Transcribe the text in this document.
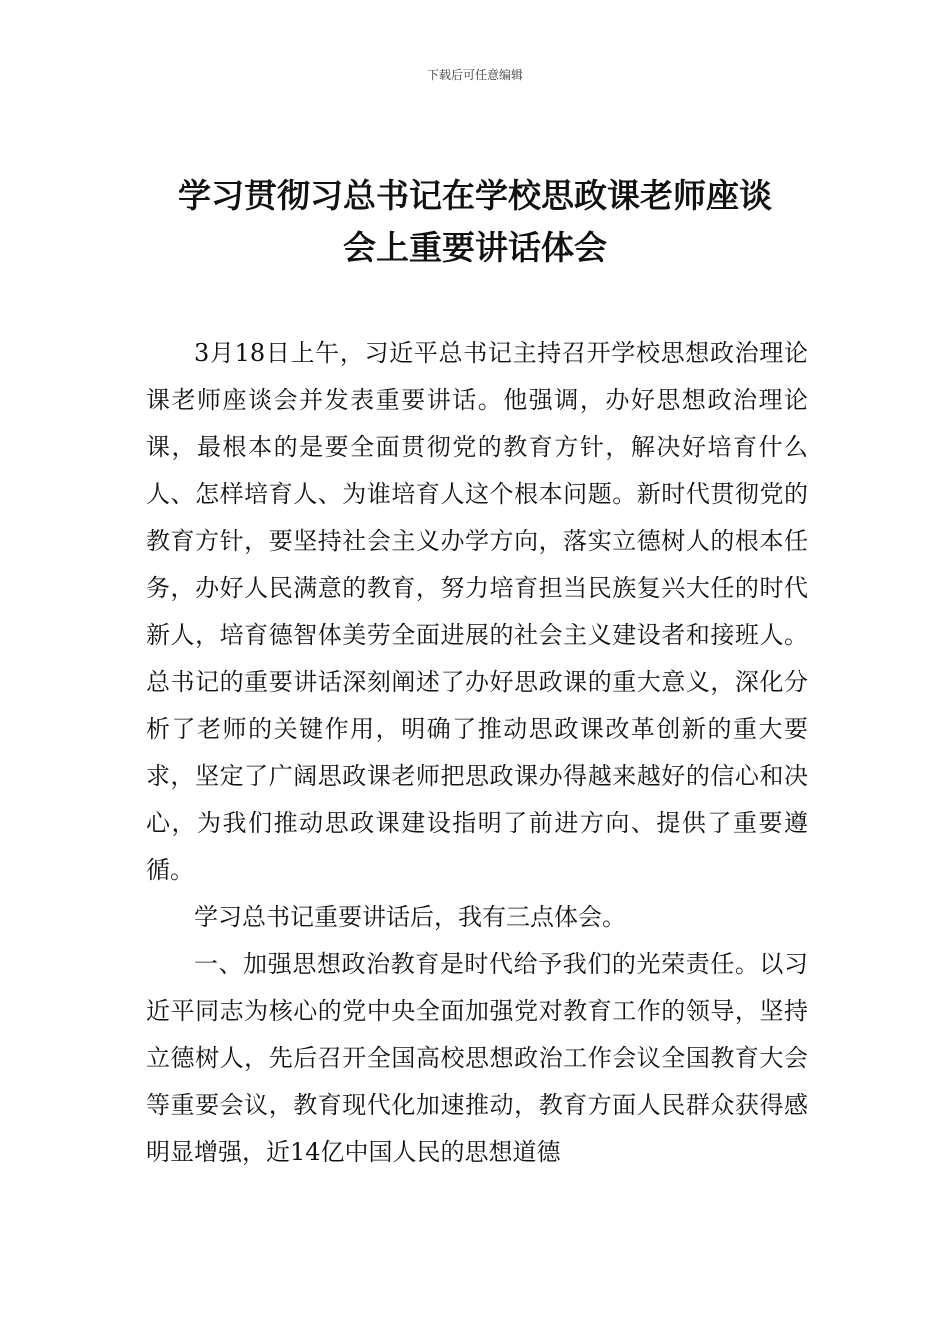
下载后可任意编辑
学习贯彻习总书记在学校思政课老师座谈
会上重要讲话体会

3月18日上午，习近平总书记主持召开学校思想政治理论课老师座谈会并发表重要讲话。他强调，办好思想政治理论课，最根本的是要全面贯彻党的教育方针，解决好培育什么人、怎样培育人、为谁培育人这个根本问题。新时代贯彻党的教育方针，要坚持社会主义办学方向，落实立德树人的根本任务，办好人民满意的教育，努力培育担当民族复兴大任的时代新人，培育德智体美劳全面进展的社会主义建设者和接班人。总书记的重要讲话深刻阐述了办好思政课的重大意义，深化分析了老师的关键作用，明确了推动思政课改革创新的重大要求，坚定了广阔思政课老师把思政课办得越来越好的信心和决心，为我们推动思政课建设指明了前进方向、提供了重要遵循。

学习总书记重要讲话后，我有三点体会。

一、加强思想政治教育是时代给予我们的光荣责任。以习近平同志为核心的党中央全面加强党对教育工作的领导，坚持立德树人，先后召开全国高校思想政治工作会议全国教育大会等重要会议，教育现代化加速推动，教育方面人民群众获得感明显增强，近14亿中国人民的思想道德
